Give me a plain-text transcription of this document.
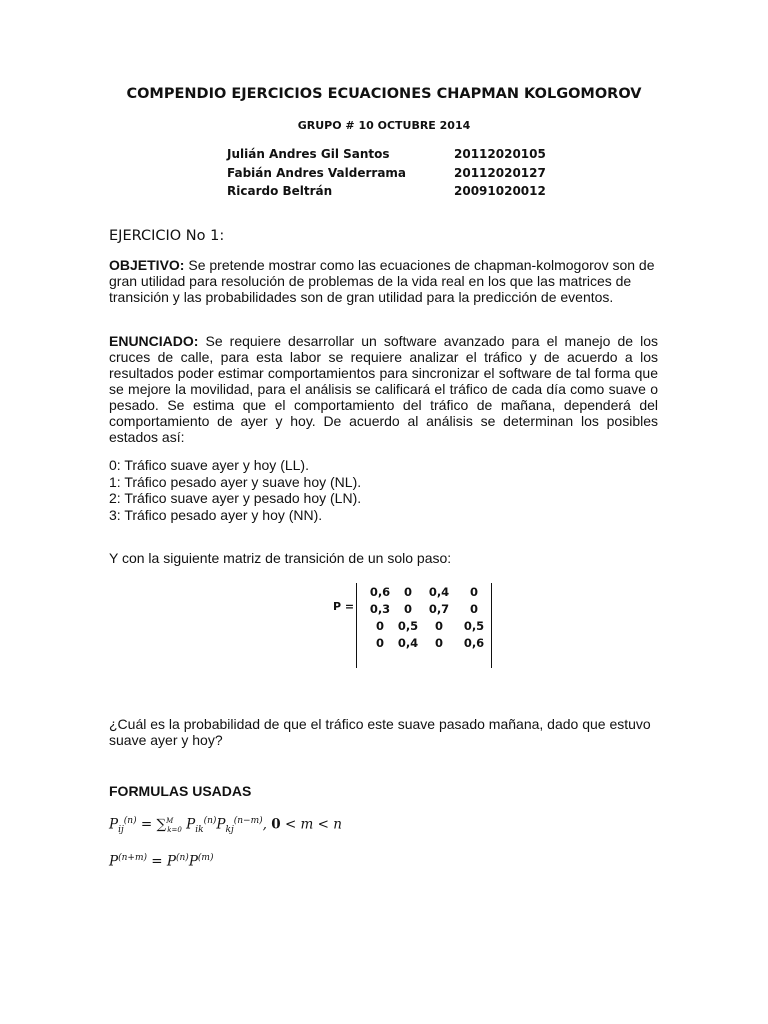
COMPENDIO EJERCICIOS ECUACIONES CHAPMAN KOLGOMOROV
GRUPO # 10 OCTUBRE 2014
Julián Andres Gil Santos	20112020105
Fabián Andres Valderrama	20112020127
Ricardo Beltrán	20091020012
EJERCICIO No 1:
OBJETIVO: Se pretende mostrar como las ecuaciones de chapman-kolmogorov son de gran utilidad para resolución de problemas de la vida real en los que las matrices de transición y las probabilidades son de gran utilidad para la predicción de eventos.
ENUNCIADO: Se requiere desarrollar un software avanzado para el manejo de los cruces de calle, para esta labor se requiere analizar el tráfico y de acuerdo a los resultados poder estimar comportamientos para sincronizar el software de tal forma que se mejore la movilidad, para el análisis se calificará el tráfico de cada día como suave o pesado. Se estima que el comportamiento del tráfico de mañana, dependerá del comportamiento de ayer y hoy. De acuerdo al análisis se determinan los posibles estados así:
0: Tráfico suave ayer y hoy (LL).
1: Tráfico pesado ayer y suave hoy (NL).
2: Tráfico suave ayer y pesado hoy (LN).
3: Tráfico pesado ayer y hoy (NN).
Y con la siguiente matriz de transición de un solo paso:
P =
0,6	0	0,4	0
0,3	0	0,7	0
0	0,5	0	0,5
0	0,4	0	0,6
¿Cuál es la probabilidad de que el tráfico este suave pasado mañana, dado que estuvo suave ayer y hoy?
FORMULAS USADAS
$P_{ij}^{(n)} = \sum^M_{k=0}$ $P_{ik}^{(n)}P_{kj}^{(n-m)}$, 0 < m < n
$P^{(n+m)} = P^{(n)}P^{(m)}$
